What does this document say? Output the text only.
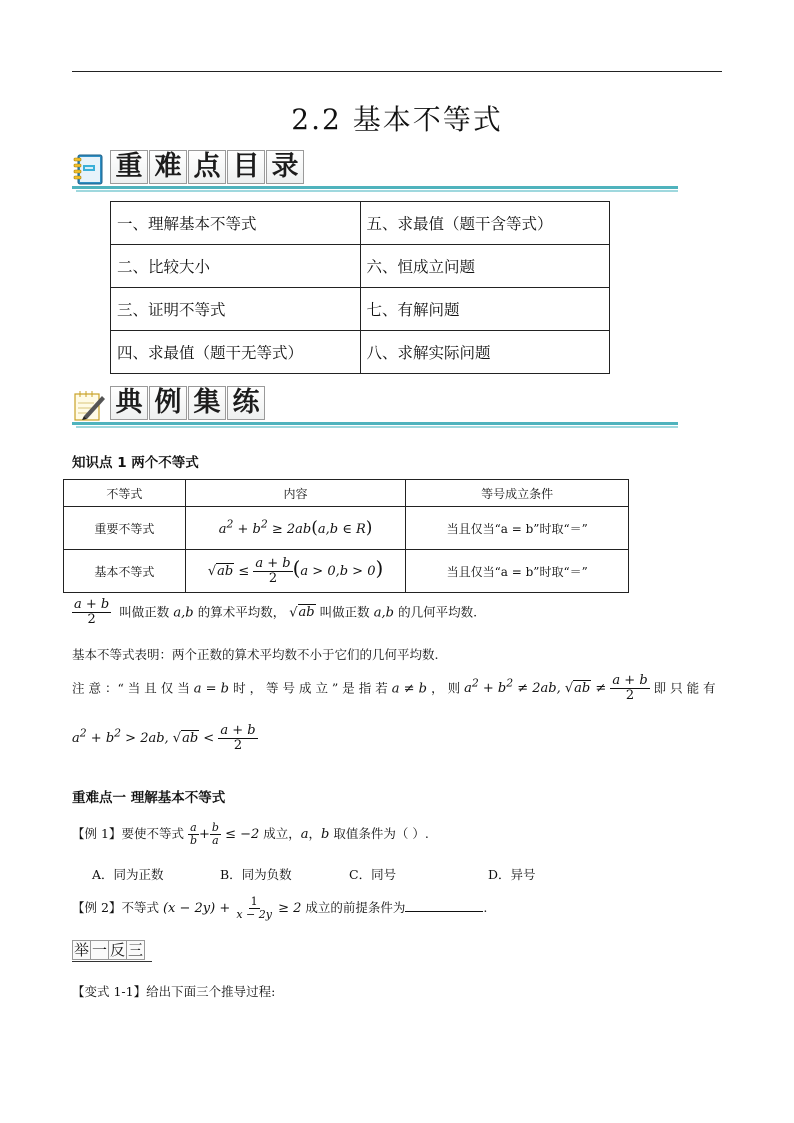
2.2 基本不等式
重 难 点 目 录
一、理解基本不等式	五、求最值（题干含等式）
二、比较大小	六、恒成立问题
三、证明不等式	七、有解问题
四、求最值（题干无等式）	八、求解实际问题
典 例 集 练
知识点 1 两个不等式
不等式	内容	等号成立条件
重要不等式	$a^2 + b^2 \ge 2ab(a,b$ ∈ R)	当且仅当“a = b”时取“＝”
基本不等式	$√ab \le \frac{a + b}{2} (a > 0,b > 0)$	当且仅当“a = b”时取“＝”
$\frac{a + b}{2}$ 叫做正数 a,b 的算术平均数， √ab 叫做正数 a,b 的几何平均数.
基本不等式表明：两个正数的算术平均数不小于它们的几何平均数.
注 意 ：“ 当 且 仅 当 a = b 时 ， 等 号 成 立 ” 是 指 若 a ≠ b ， 则 $a^2 + b^2 \ne 2ab$, $√ab \ne \frac{a + b}{2}$ 即 只 能 有
$a^2 + b^2 > 2ab$, $√ab < \frac{a + b}{2}$
重难点一 理解基本不等式
【例 1】要使不等式 $\frac{a}{b} + \frac{b}{a} \le -2$ 成立，a，b 取值条件为（ ）.
A．同为正数	B．同为负数	C．同号	D．异号
【例 2】不等式 $(x - 2y) + \frac{1}{x - 2y} \ge 2$ 成立的前提条件为	.
举 一 反 三
【变式 1-1】给出下面三个推导过程:
